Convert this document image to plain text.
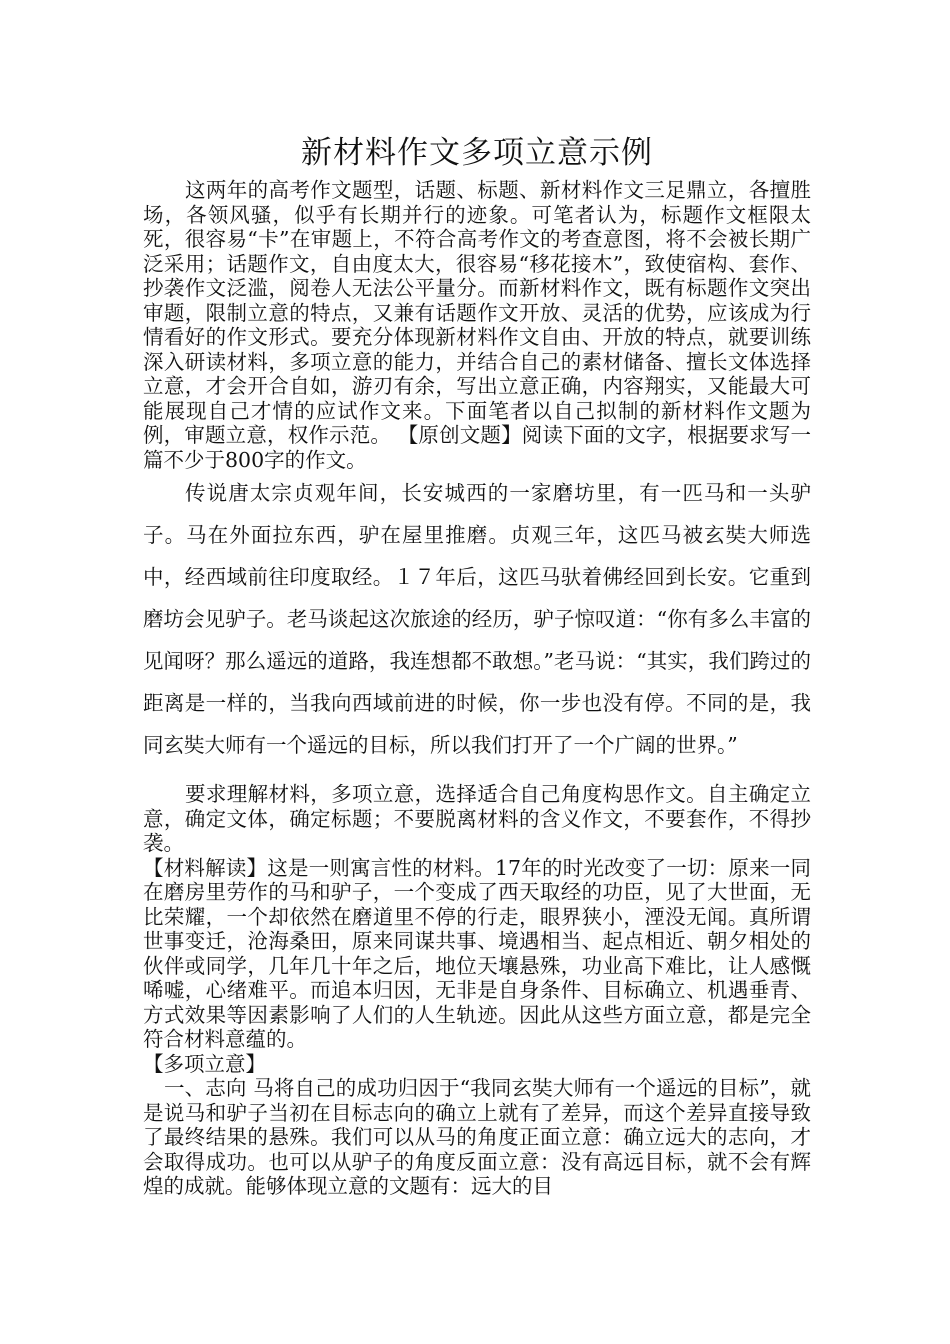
新材料作文多项立意示例

这两年的高考作文题型，话题、标题、新材料作文三足鼎立，各擅胜场，各领风骚，似乎有长期并行的迹象。可笔者认为，标题作文框限太死，很容易“卡”在审题上，不符合高考作文的考查意图，将不会被长期广泛采用；话题作文，自由度太大，很容易“移花接木”，致使宿构、套作、抄袭作文泛滥，阅卷人无法公平量分。而新材料作文，既有标题作文突出审题，限制立意的特点，又兼有话题作文开放、灵活的优势，应该成为行情看好的作文形式。要充分体现新材料作文自由、开放的特点，就要训练深入研读材料，多项立意的能力，并结合自己的素材储备、擅长文体选择立意，才会开合自如，游刃有余，写出立意正确，内容翔实，又能最大可能展现自己才情的应试作文来。下面笔者以自己拟制的新材料作文题为例，审题立意，权作示范。 【原创文题】阅读下面的文字，根据要求写一篇不少于800字的作文。

传说唐太宗贞观年间，长安城西的一家磨坊里，有一匹马和一头驴子。马在外面拉东西，驴在屋里推磨。贞观三年，这匹马被玄奘大师选中，经西域前往印度取经。１７年后，这匹马驮着佛经回到长安。它重到磨坊会见驴子。老马谈起这次旅途的经历，驴子惊叹道：“你有多么丰富的见闻呀？那么遥远的道路，我连想都不敢想。”老马说：“其实，我们跨过的距离是一样的，当我向西域前进的时候，你一步也没有停。不同的是，我同玄奘大师有一个遥远的目标，所以我们打开了一个广阔的世界。”

要求理解材料，多项立意，选择适合自己角度构思作文。自主确定立意，确定文体，确定标题；不要脱离材料的含义作文，不要套作，不得抄袭。

【材料解读】这是一则寓言性的材料。17年的时光改变了一切：原来一同在磨房里劳作的马和驴子，一个变成了西天取经的功臣，见了大世面，无比荣耀，一个却依然在磨道里不停的行走，眼界狭小，湮没无闻。真所谓世事变迁，沧海桑田，原来同谋共事、境遇相当、起点相近、朝夕相处的伙伴或同学，几年几十年之后，地位天壤悬殊，功业高下难比，让人感慨唏嘘，心绪难平。而追本归因，无非是自身条件、目标确立、机遇垂青、方式效果等因素影响了人们的人生轨迹。因此从这些方面立意，都是完全符合材料意蕴的。

【多项立意】

一、志向 马将自己的成功归因于“我同玄奘大师有一个遥远的目标”，就是说马和驴子当初在目标志向的确立上就有了差异，而这个差异直接导致了最终结果的悬殊。我们可以从马的角度正面立意：确立远大的志向，才会取得成功。也可以从驴子的角度反面立意：没有高远目标，就不会有辉煌的成就。能够体现立意的文题有：远大的目
